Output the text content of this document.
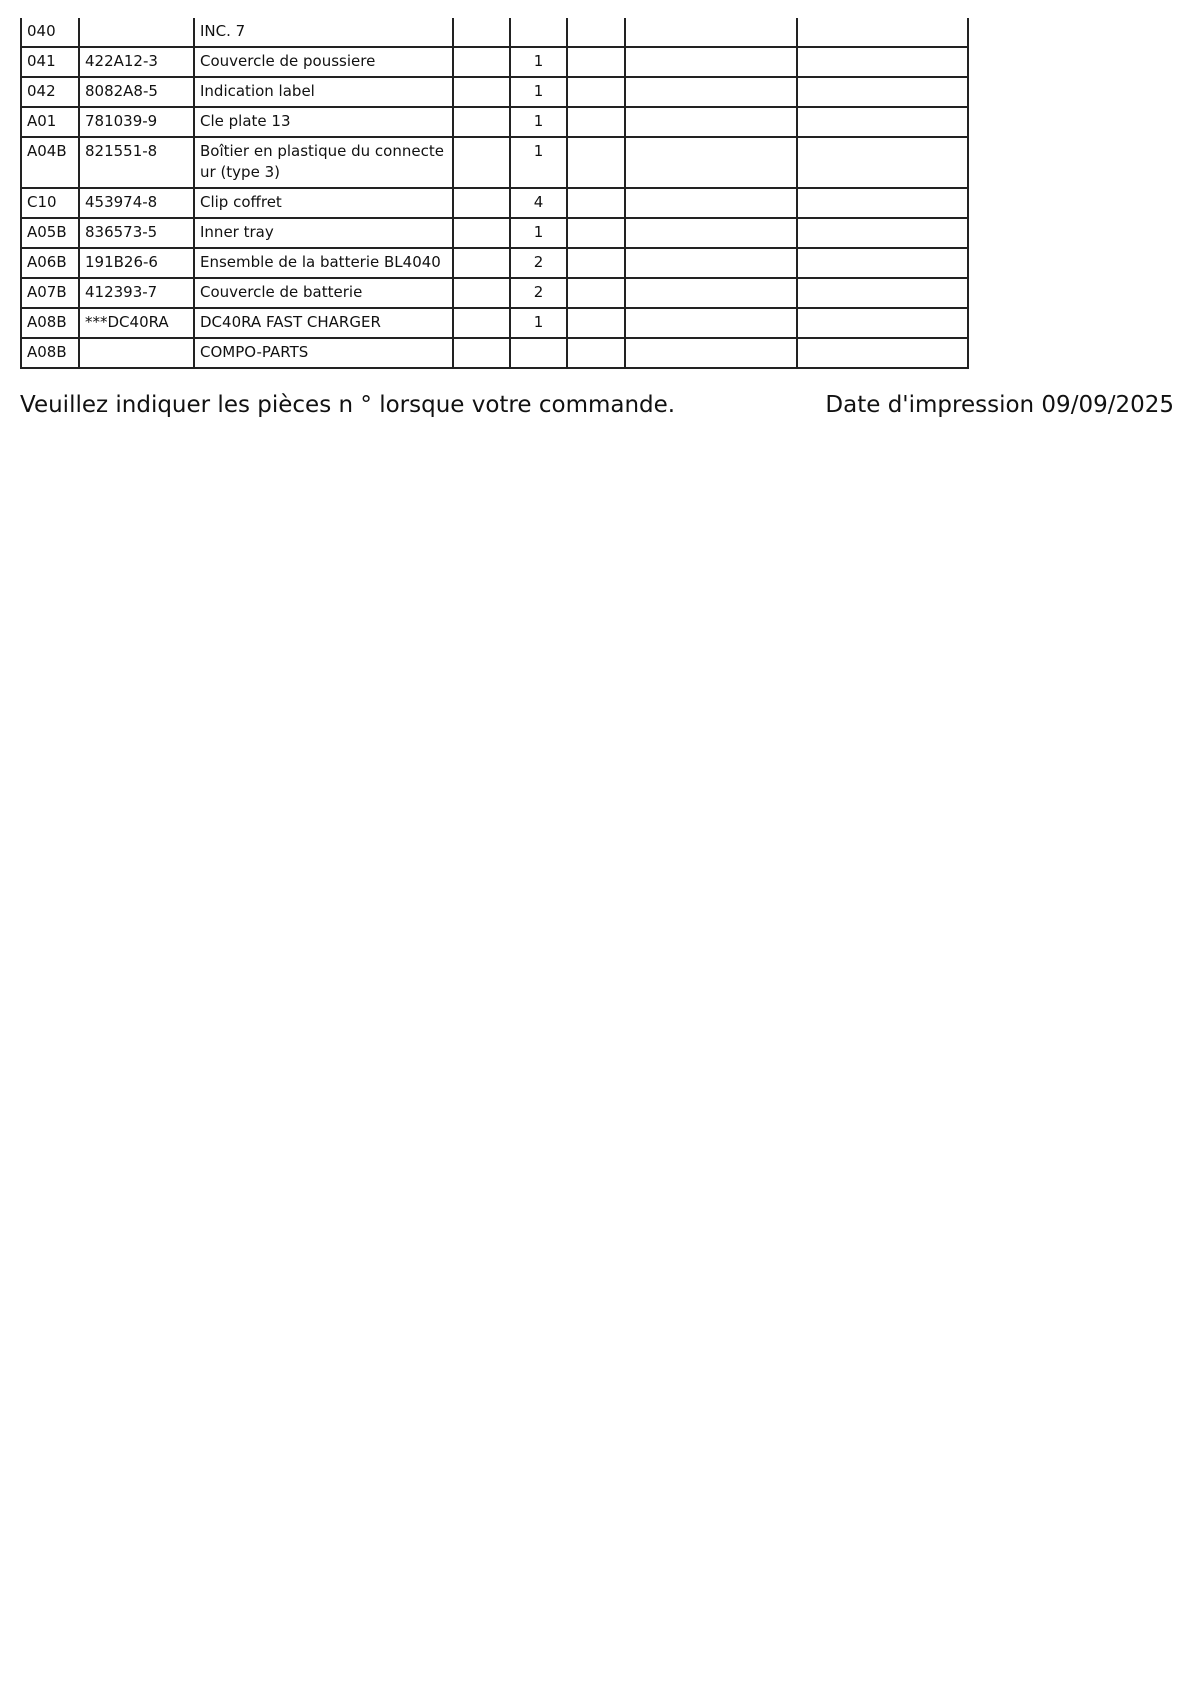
040		INC. 7					
041	422A12-3	Couvercle de poussiere		1			
042	8082A8-5	Indication label		1			
A01	781039-9	Cle plate 13		1			
A04B	821551-8	Boîtier en plastique du connecteur (type 3)		1			
C10	453974-8	Clip coffret		4			
A05B	836573-5	Inner tray		1			
A06B	191B26-6	Ensemble de la batterie BL4040		2			
A07B	412393-7	Couvercle de batterie		2			
A08B	***DC40RA	DC40RA FAST CHARGER		1			
A08B		COMPO-PARTS					
Veuillez indiquer les pièces n ° lorsque votre commande.	Date d'impression 09/09/2025
